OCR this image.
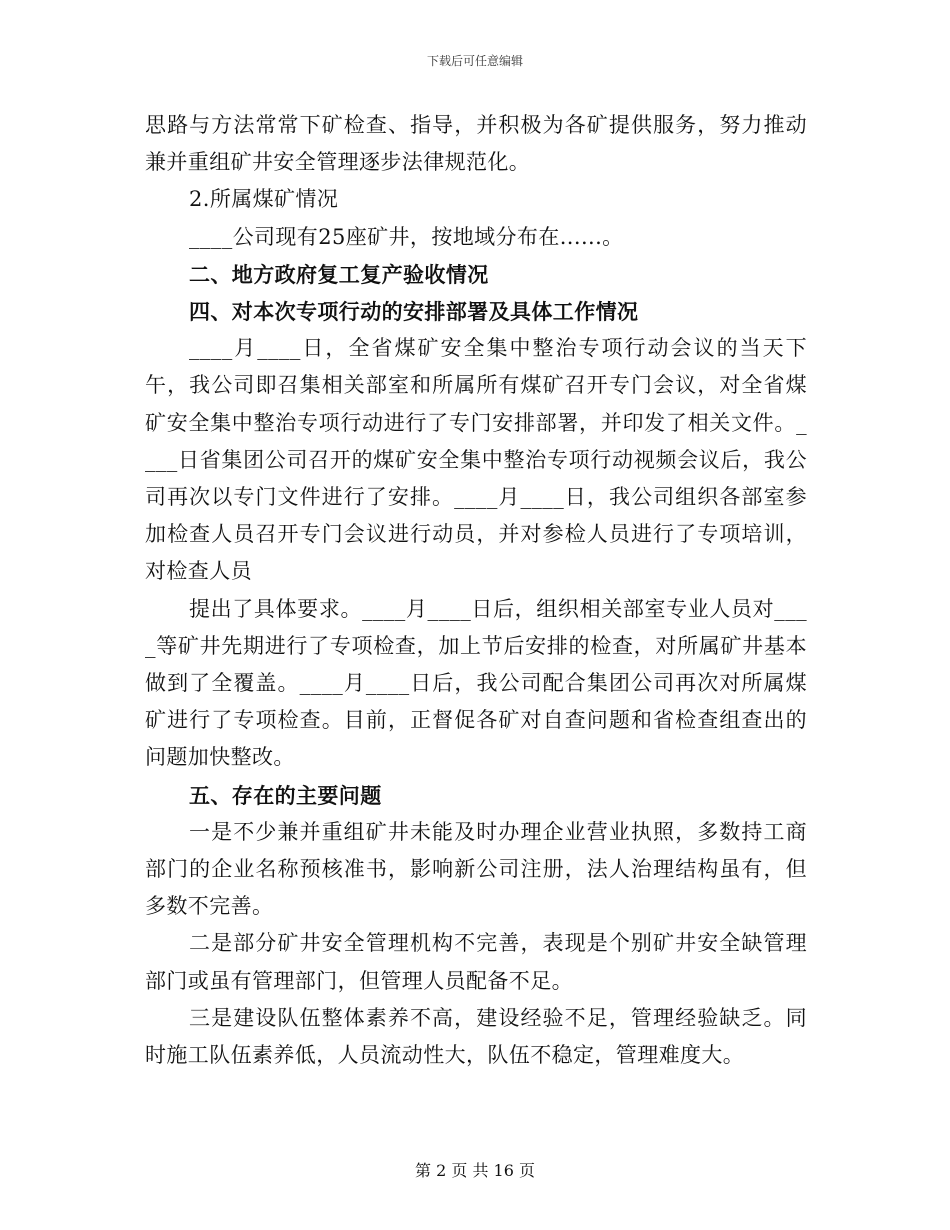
下载后可任意编辑

思路与方法常常下矿检查、指导，并积极为各矿提供服务，努力推动兼并重组矿井安全管理逐步法律规范化。

2.所属煤矿情况

____公司现有25座矿井，按地域分布在......。

二、地方政府复工复产验收情况

四、对本次专项行动的安排部署及具体工作情况

____月____日，全省煤矿安全集中整治专项行动会议的当天下午，我公司即召集相关部室和所属所有煤矿召开专门会议，对全省煤矿安全集中整治专项行动进行了专门安排部署，并印发了相关文件。____日省集团公司召开的煤矿安全集中整治专项行动视频会议后，我公司再次以专门文件进行了安排。____月____日，我公司组织各部室参加检查人员召开专门会议进行动员，并对参检人员进行了专项培训，对检查人员

提出了具体要求。____月____日后，组织相关部室专业人员对____等矿井先期进行了专项检查，加上节后安排的检查，对所属矿井基本做到了全覆盖。____月____日后，我公司配合集团公司再次对所属煤矿进行了专项检查。目前，正督促各矿对自查问题和省检查组查出的问题加快整改。

五、存在的主要问题

一是不少兼并重组矿井未能及时办理企业营业执照，多数持工商部门的企业名称预核准书，影响新公司注册，法人治理结构虽有，但多数不完善。

二是部分矿井安全管理机构不完善，表现是个别矿井安全缺管理部门或虽有管理部门，但管理人员配备不足。

三是建设队伍整体素养不高，建设经验不足，管理经验缺乏。同时施工队伍素养低，人员流动性大，队伍不稳定，管理难度大。

第 2 页 共 16 页
